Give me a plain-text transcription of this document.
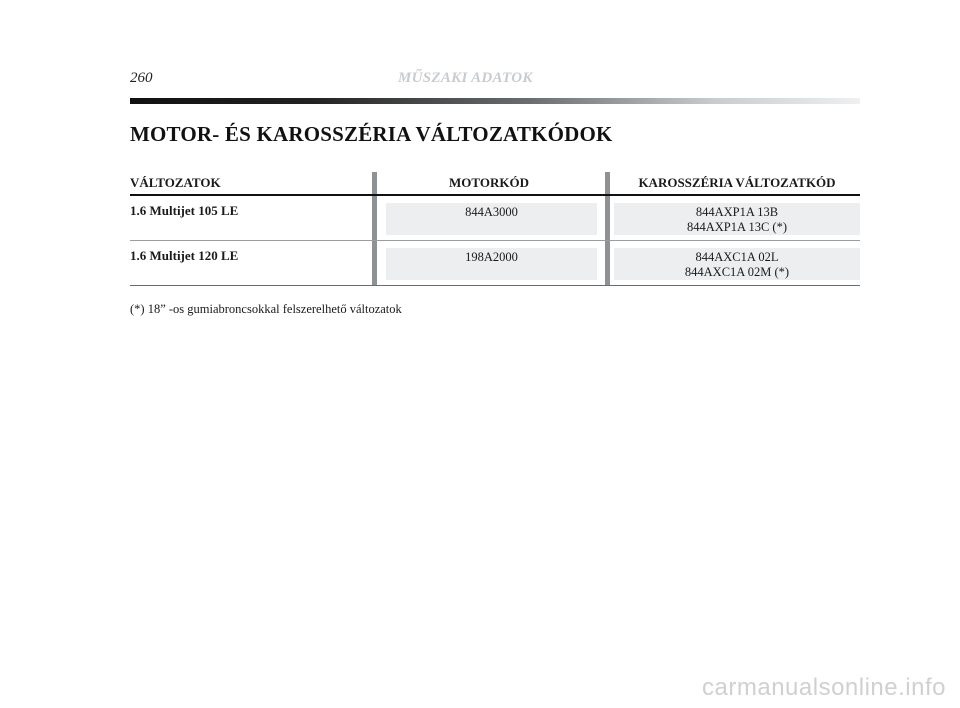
260	MŰSZAKI ADATOK
MOTOR- ÉS KAROSSZÉRIA VÁLTOZATKÓDOK
VÁLTOZATOK	MOTORKÓD	KAROSSZÉRIA VÁLTOZATKÓD
1.6 Multijet 105 LE	844A3000	844AXP1A 13B
844AXP1A 13C (*)
1.6 Multijet 120 LE	198A2000	844AXC1A 02L
844AXC1A 02M (*)
(*) 18” -os gumiabroncsokkal felszerelhető változatok
carmanualsonline.info
